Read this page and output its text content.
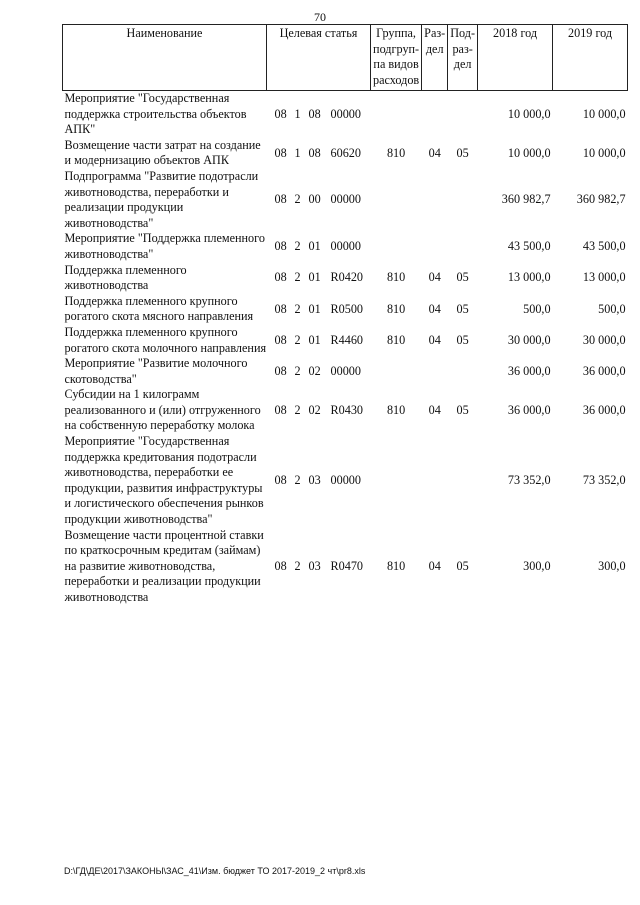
70
Наименование	Целевая статья	Группа, подгруп-па видов расходов	Раз-дел	Под-раз-дел	2018 год	2019 год
Мероприятие "Государственная поддержка строительства объектов АПК"	08 1 08 00000				10 000,0	10 000,0
Возмещение части затрат на создание и модернизацию объектов АПК	08 1 08 60620	810	04	05	10 000,0	10 000,0
Подпрограмма "Развитие подотрасли животноводства, переработки и реализации продукции животноводства"	08 2 00 00000				360 982,7	360 982,7
Мероприятие "Поддержка племенного животноводства"	08 2 01 00000				43 500,0	43 500,0
Поддержка племенного животноводства	08 2 01 R0420	810	04	05	13 000,0	13 000,0
Поддержка племенного крупного рогатого скота мясного направления	08 2 01 R0500	810	04	05	500,0	500,0
Поддержка племенного крупного рогатого скота молочного направления	08 2 01 R4460	810	04	05	30 000,0	30 000,0
Мероприятие "Развитие молочного скотоводства"	08 2 02 00000				36 000,0	36 000,0
Субсидии на 1 килограмм реализованного и (или) отгруженного на собственную переработку молока	08 2 02 R0430	810	04	05	36 000,0	36 000,0
Мероприятие "Государственная поддержка кредитования подотрасли животноводства, переработки ее продукции, развития инфраструктуры и логистического обеспечения рынков продукции животноводства"	08 2 03 00000				73 352,0	73 352,0
Возмещение части процентной ставки по краткосрочным кредитам (займам) на развитие животноводства, переработки и реализации продукции животноводства	08 2 03 R0470	810	04	05	300,0	300,0
D:\ГД\ДЕ\2017\ЗАКОНЫ\ЗАС_41\Изм. бюджет ТО 2017-2019_2 чт\pr8.xls
